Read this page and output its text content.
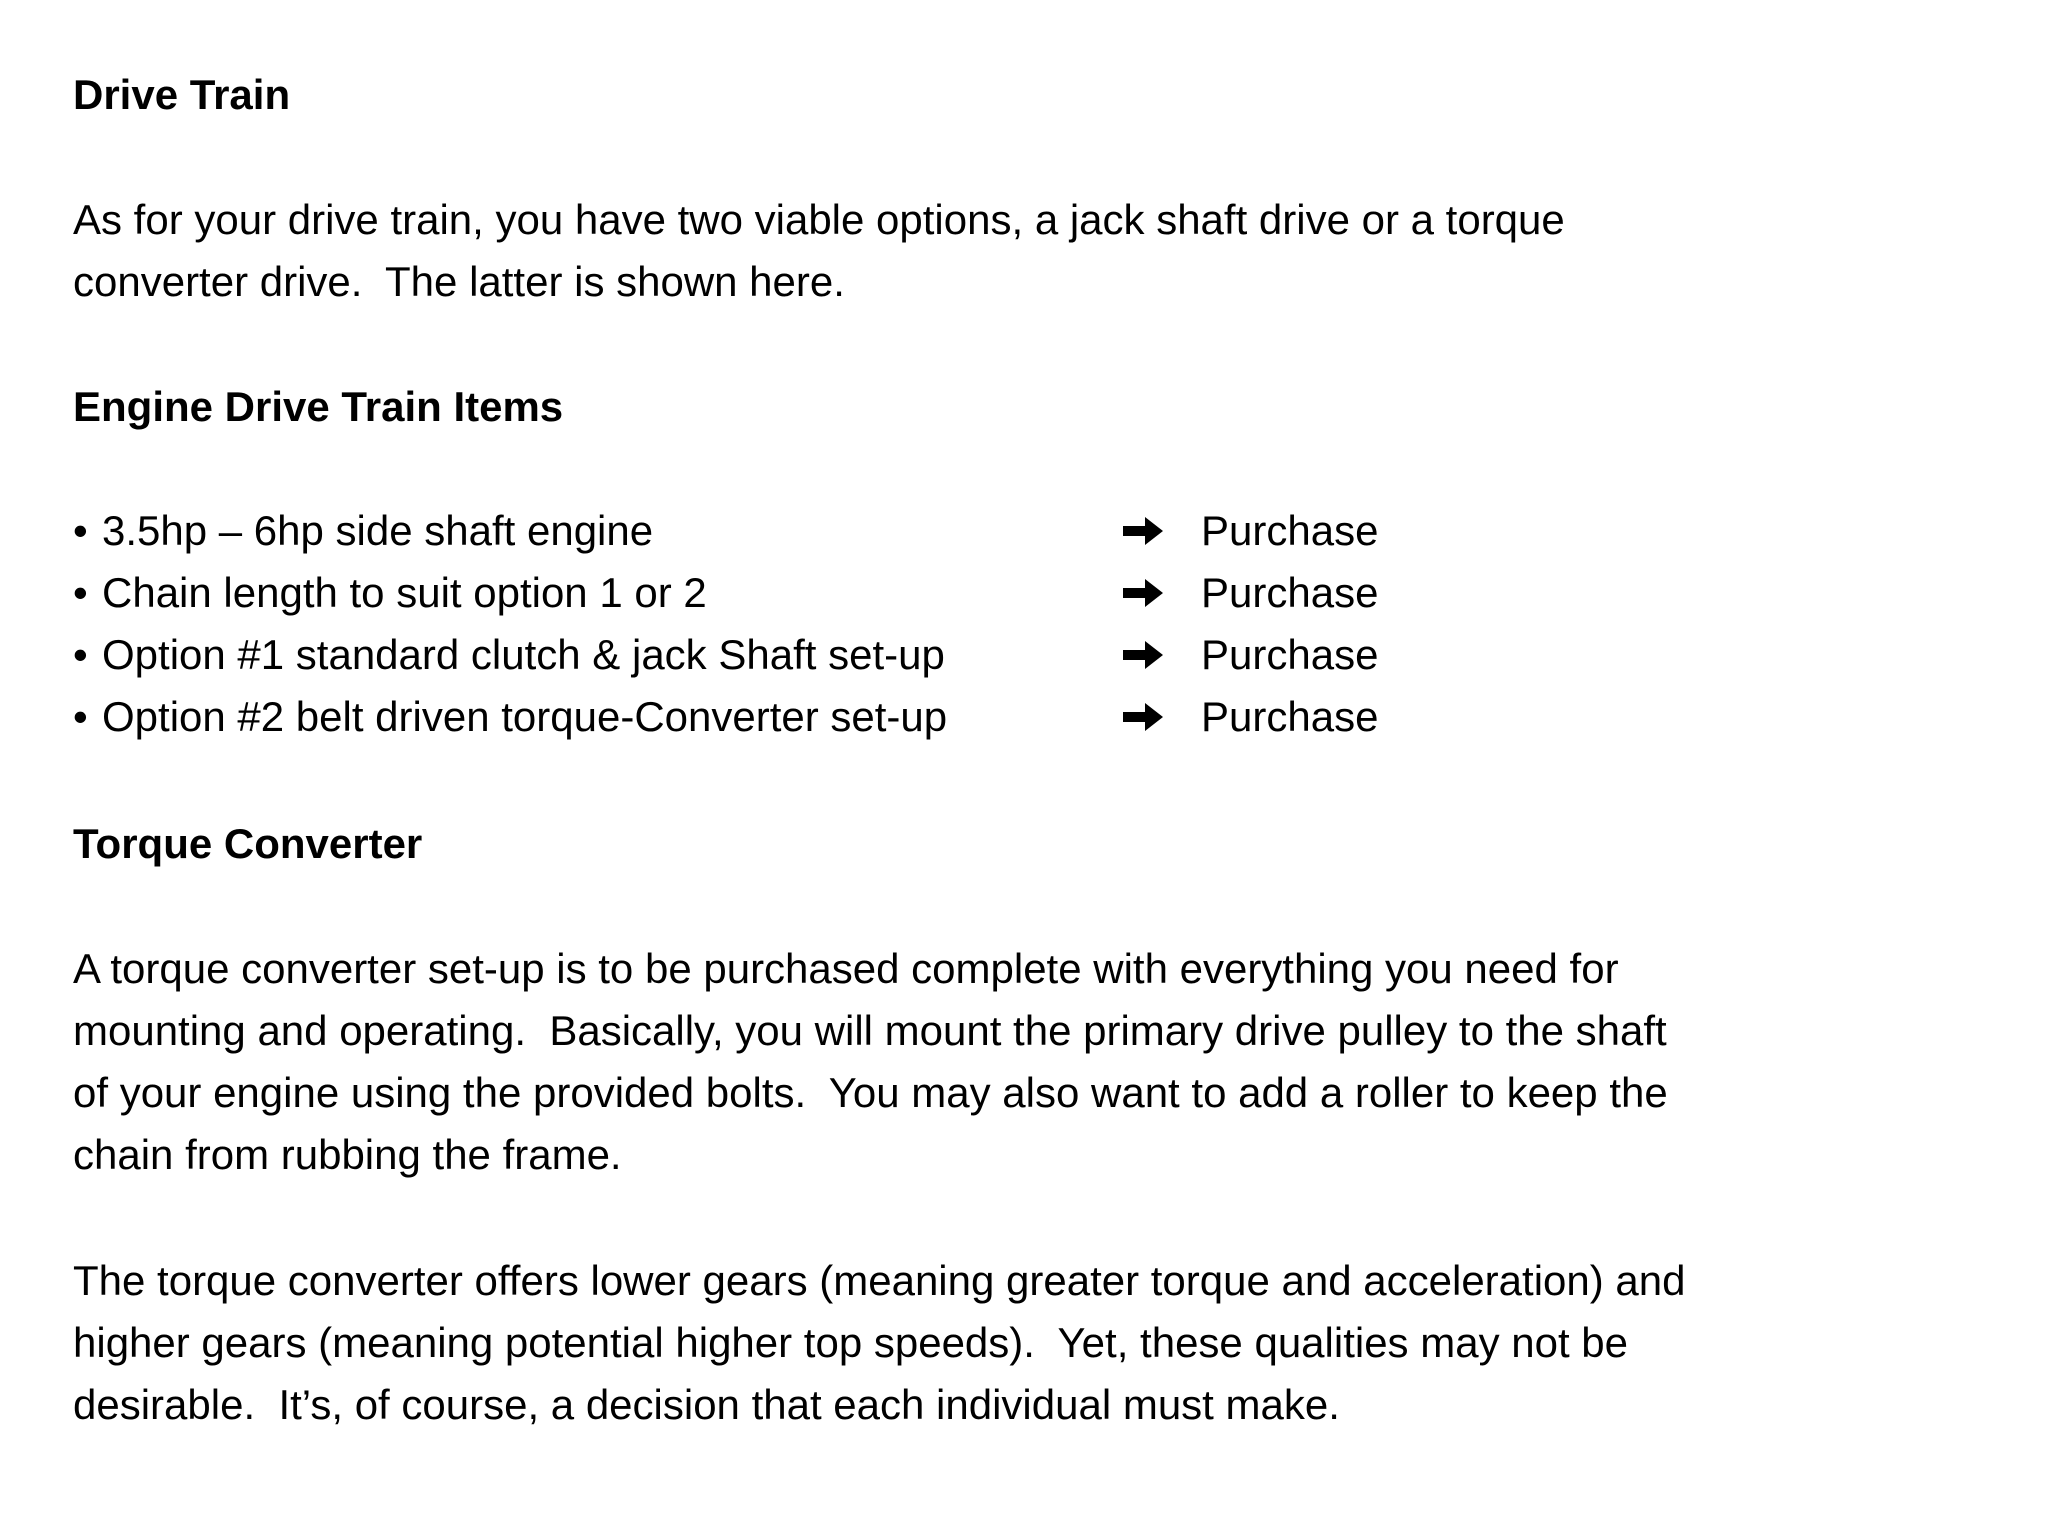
Drive Train
As for your drive train, you have two viable options, a jack shaft drive or a torque
converter drive.  The latter is shown here.
Engine Drive Train Items
• 3.5hp – 6hp side shaft engine	Purchase
• Chain length to suit option 1 or 2	Purchase
• Option #1 standard clutch & jack Shaft set-up	Purchase
• Option #2 belt driven torque-Converter set-up	Purchase
Torque Converter
A torque converter set-up is to be purchased complete with everything you need for
mounting and operating.  Basically, you will mount the primary drive pulley to the shaft
of your engine using the provided bolts.  You may also want to add a roller to keep the
chain from rubbing the frame.
The torque converter offers lower gears (meaning greater torque and acceleration) and
higher gears (meaning potential higher top speeds).  Yet, these qualities may not be
desirable.  It’s, of course, a decision that each individual must make.
